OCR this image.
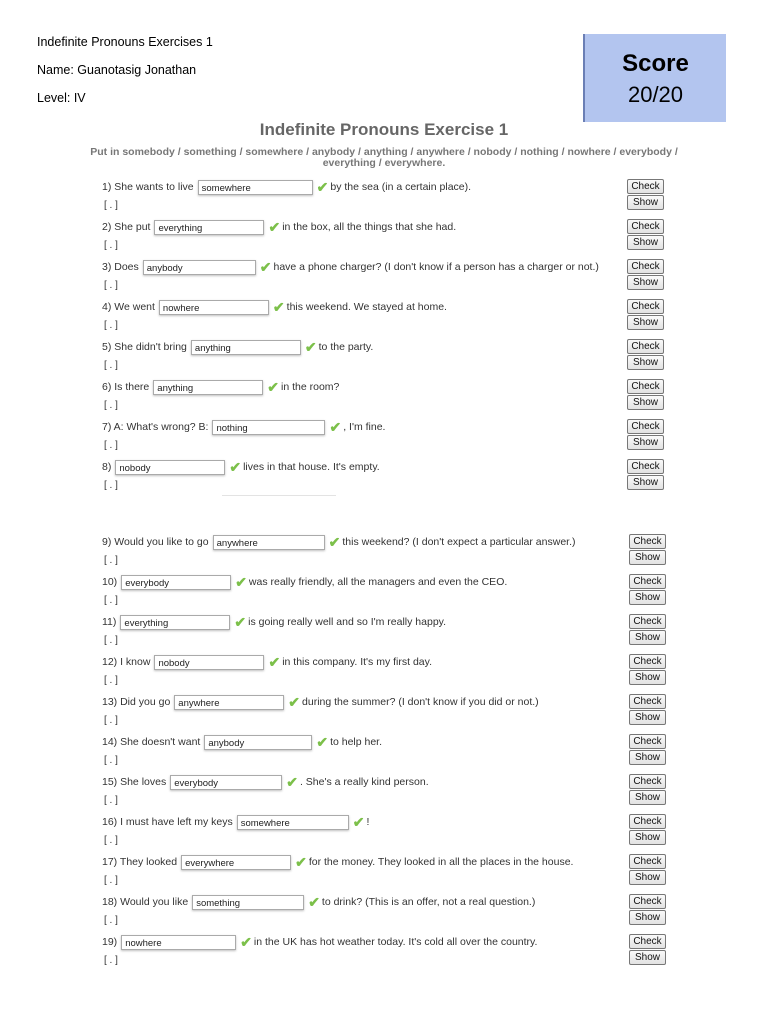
Indefinite Pronouns Exercises 1
Name: Guanotasig Jonathan
Level: IV
Score
20/20
Indefinite Pronouns Exercise 1
Put in somebody / something / somewhere / anybody / anything / anywhere / nobody / nothing / nowhere / everybody /
everything / everywhere.
1) She wants to live somewhere	✔ by the sea (in a certain place).
[ . ]
Check
Show
2) She put everything	✔ in the box, all the things that she had.
[ . ]
Check
Show
3) Does anybody	✔ have a phone charger? (I don't know if a person has a charger or not.)
[ . ]
Check
Show
4) We went nowhere	✔ this weekend. We stayed at home.
[ . ]
Check
Show
5) She didn't bring anything	✔ to the party.
[ . ]
Check
Show
6) Is there anything	✔ in the room?
[ . ]
Check
Show
7) A: What's wrong? B: nothing	✔ , I'm fine.
[ . ]
Check
Show
8) nobody	✔ lives in that house. It's empty.
[ . ]
Check
Show
9) Would you like to go anywhere	✔ this weekend? (I don't expect a particular answer.)
[ . ]
Check
Show
10) everybody	✔ was really friendly, all the managers and even the CEO.
[ . ]
Check
Show
11) everything	✔ is going really well and so I'm really happy.
[ . ]
Check
Show
12) I know nobody	✔ in this company. It's my first day.
[ . ]
Check
Show
13) Did you go anywhere	✔ during the summer? (I don't know if you did or not.)
[ . ]
Check
Show
14) She doesn't want anybody	✔ to help her.
[ . ]
Check
Show
15) She loves everybody	✔ . She's a really kind person.
[ . ]
Check
Show
16) I must have left my keys somewhere	✔ !
[ . ]
Check
Show
17) They looked everywhere	✔ for the money. They looked in all the places in the house.
[ . ]
Check
Show
18) Would you like something	✔ to drink? (This is an offer, not a real question.)
[ . ]
Check
Show
19) nowhere	✔ in the UK has hot weather today. It's cold all over the country.
[ . ]
Check
Show
